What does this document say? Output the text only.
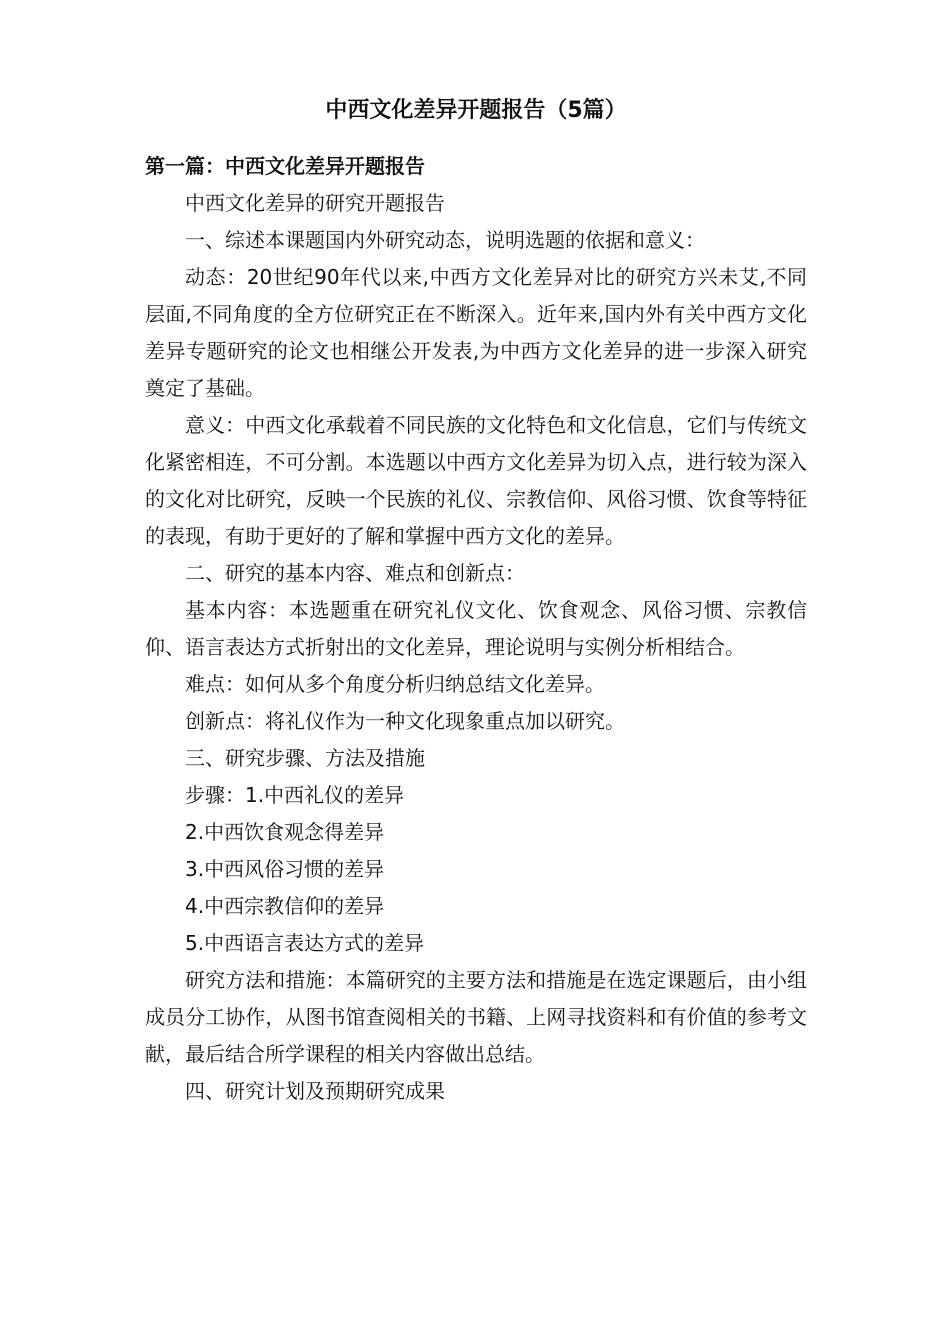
中西文化差异开题报告（5篇）
第一篇：中西文化差异开题报告

中西文化差异的研究开题报告

一、综述本课题国内外研究动态，说明选题的依据和意义：

动态：20世纪90年代以来,中西方文化差异对比的研究方兴未艾,不同层面,不同角度的全方位研究正在不断深入。近年来,国内外有关中西方文化差异专题研究的论文也相继公开发表,为中西方文化差异的进一步深入研究奠定了基础。

意义：中西文化承载着不同民族的文化特色和文化信息，它们与传统文化紧密相连，不可分割。本选题以中西方文化差异为切入点，进行较为深入的文化对比研究，反映一个民族的礼仪、宗教信仰、风俗习惯、饮食等特征的表现，有助于更好的了解和掌握中西方文化的差异。

二、研究的基本内容、难点和创新点：

基本内容：本选题重在研究礼仪文化、饮食观念、风俗习惯、宗教信仰、语言表达方式折射出的文化差异，理论说明与实例分析相结合。

难点：如何从多个角度分析归纳总结文化差异。

创新点：将礼仪作为一种文化现象重点加以研究。

三、研究步骤、方法及措施

步骤：1.中西礼仪的差异

2.中西饮食观念得差异

3.中西风俗习惯的差异

4.中西宗教信仰的差异

5.中西语言表达方式的差异

研究方法和措施：本篇研究的主要方法和措施是在选定课题后，由小组成员分工协作，从图书馆查阅相关的书籍、上网寻找资料和有价值的参考文献，最后结合所学课程的相关内容做出总结。

四、研究计划及预期研究成果
